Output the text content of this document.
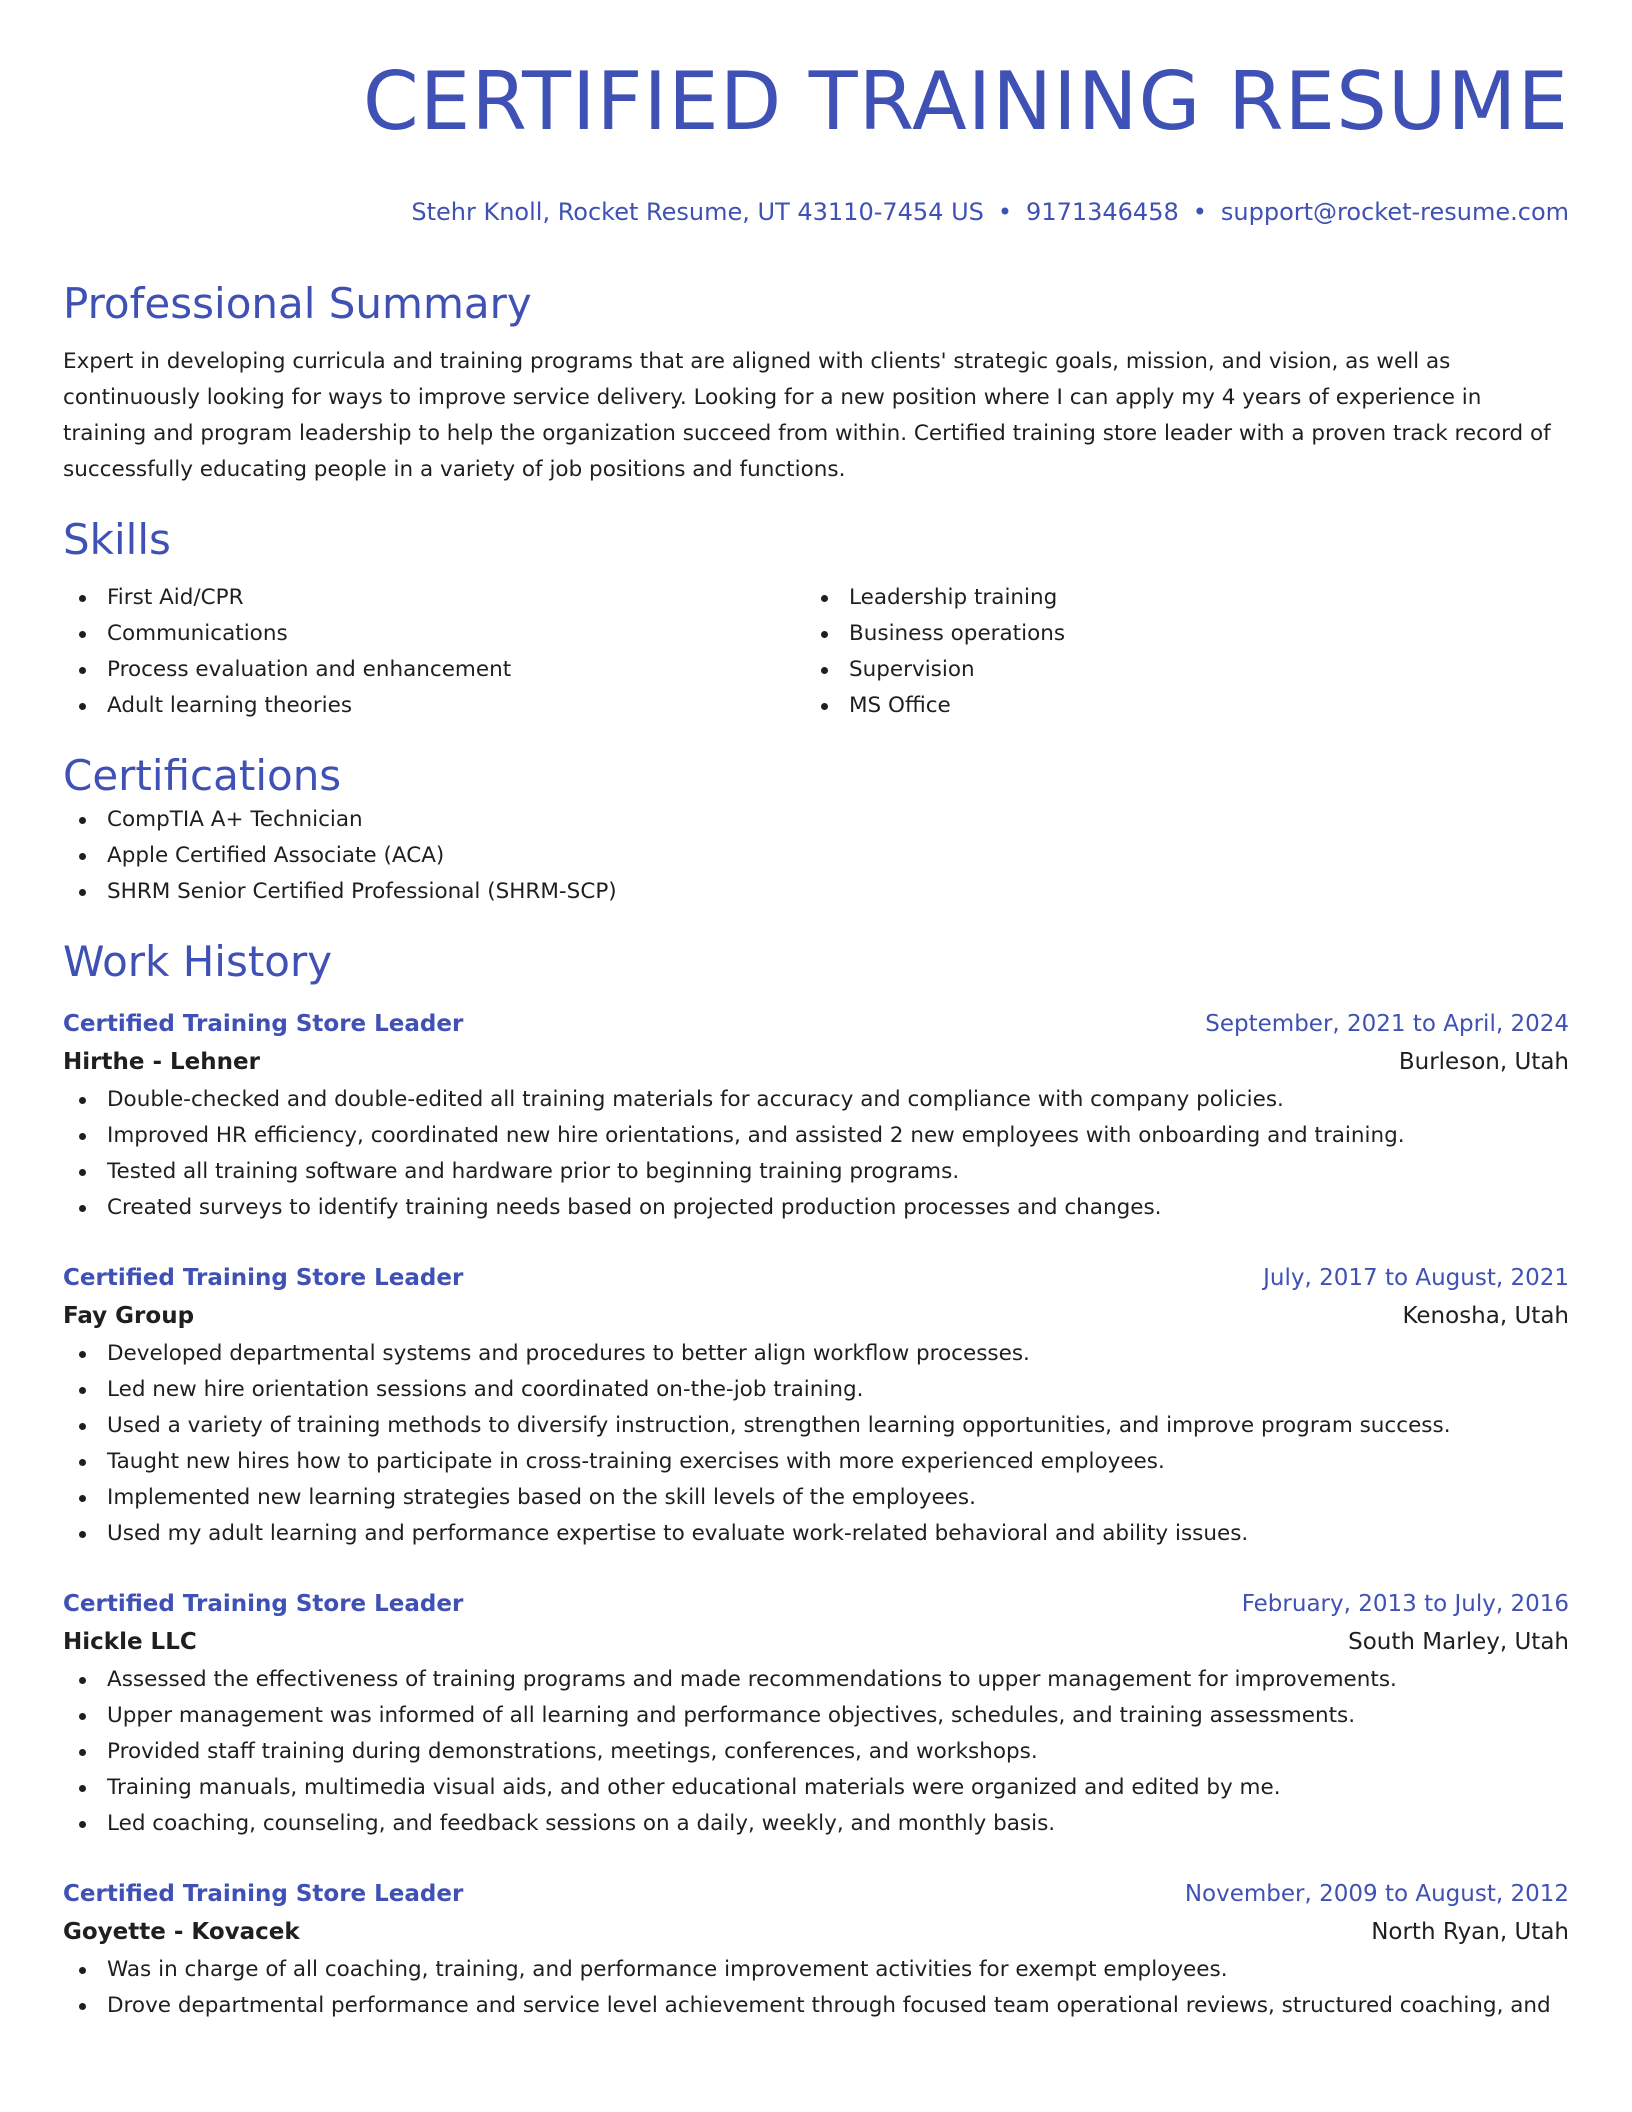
CERTIFIED TRAINING RESUME
Stehr Knoll, Rocket Resume, UT 43110-7454 US • 9171346458 • support@rocket-resume.com
Professional Summary

Expert in developing curricula and training programs that are aligned with clients' strategic goals, mission, and vision, as well as continuously looking for ways to improve service delivery. Looking for a new position where I can apply my 4 years of experience in training and program leadership to help the organization succeed from within. Certified training store leader with a proven track record of successfully educating people in a variety of job positions and functions.

Skills
First Aid/CPR
Communications
Process evaluation and enhancement
Adult learning theories
Leadership training
Business operations
Supervision
MS Office
Certifications
CompTIA A+ Technician
Apple Certified Associate (ACA)
SHRM Senior Certified Professional (SHRM-SCP)
Work History
Certified Training Store Leader	September, 2021 to April, 2024
Hirthe - Lehner	Burleson, Utah
Double-checked and double-edited all training materials for accuracy and compliance with company policies.
Improved HR efficiency, coordinated new hire orientations, and assisted 2 new employees with onboarding and training.
Tested all training software and hardware prior to beginning training programs.
Created surveys to identify training needs based on projected production processes and changes.
Certified Training Store Leader	July, 2017 to August, 2021
Fay Group	Kenosha, Utah
Developed departmental systems and procedures to better align workflow processes.
Led new hire orientation sessions and coordinated on-the-job training.
Used a variety of training methods to diversify instruction, strengthen learning opportunities, and improve program success.
Taught new hires how to participate in cross-training exercises with more experienced employees.
Implemented new learning strategies based on the skill levels of the employees.
Used my adult learning and performance expertise to evaluate work-related behavioral and ability issues.
Certified Training Store Leader	February, 2013 to July, 2016
Hickle LLC	South Marley, Utah
Assessed the effectiveness of training programs and made recommendations to upper management for improvements.
Upper management was informed of all learning and performance objectives, schedules, and training assessments.
Provided staff training during demonstrations, meetings, conferences, and workshops.
Training manuals, multimedia visual aids, and other educational materials were organized and edited by me.
Led coaching, counseling, and feedback sessions on a daily, weekly, and monthly basis.
Certified Training Store Leader	November, 2009 to August, 2012
Goyette - Kovacek	North Ryan, Utah
Was in charge of all coaching, training, and performance improvement activities for exempt employees.
Drove departmental performance and service level achievement through focused team operational reviews, structured coaching, and
